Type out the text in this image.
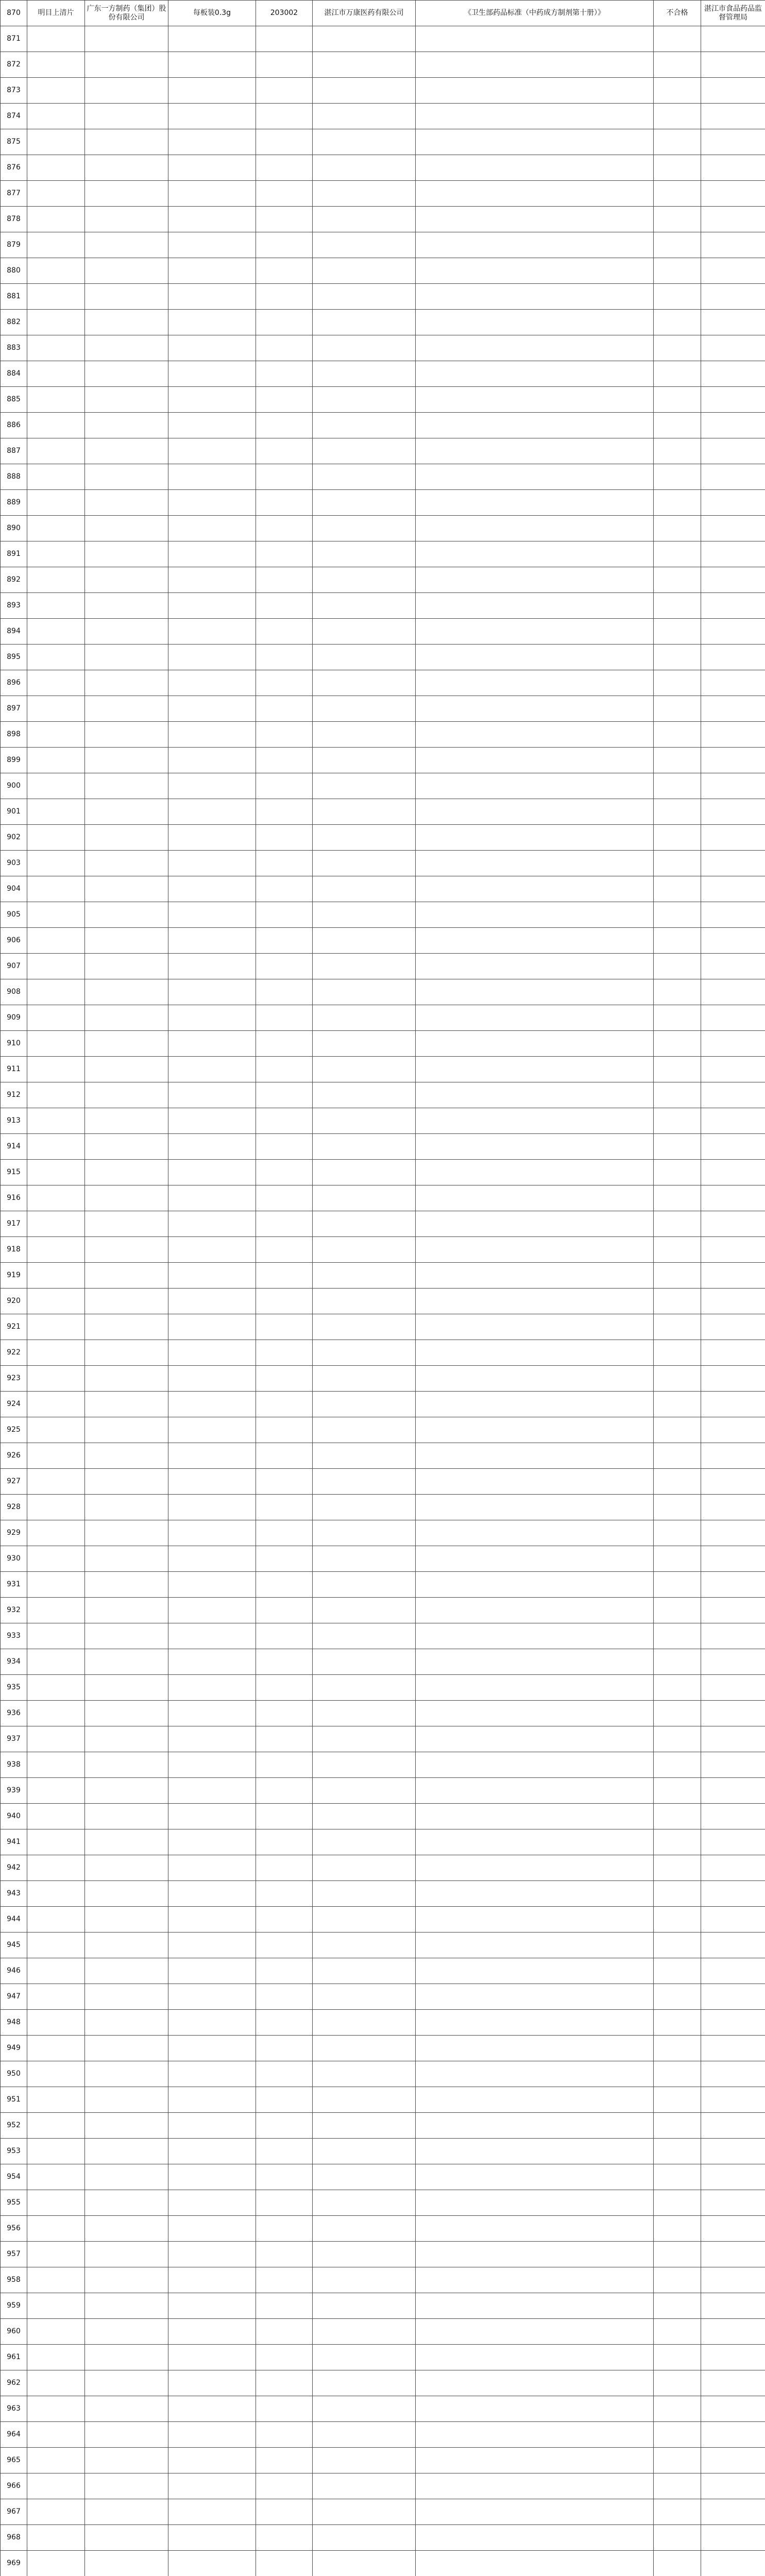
870	明目上清片	广东一方制药（集团）股份有限公司	每板装0.3g	203002	湛江市万康医药有限公司	《卫生部药品标准（中药成方制剂第十册）》	不合格	湛江市食品药品监督管理局
871								
872								
873								
874								
875								
876								
877								
878								
879								
880								
881								
882								
883								
884								
885								
886								
887								
888								
889								
890								
891								
892								
893								
894								
895								
896								
897								
898								
899								
900								
901								
902								
903								
904								
905								
906								
907								
908								
909								
910								
911								
912								
913								
914								
915								
916								
917								
918								
919								
920								
921								
922								
923								
924								
925								
926								
927								
928								
929								
930								
931								
932								
933								
934								
935								
936								
937								
938								
939								
940								
941								
942								
943								
944								
945								
946								
947								
948								
949								
950								
951								
952								
953								
954								
955								
956								
957								
958								
959								
960								
961								
962								
963								
964								
965								
966								
967								
968								
969								
